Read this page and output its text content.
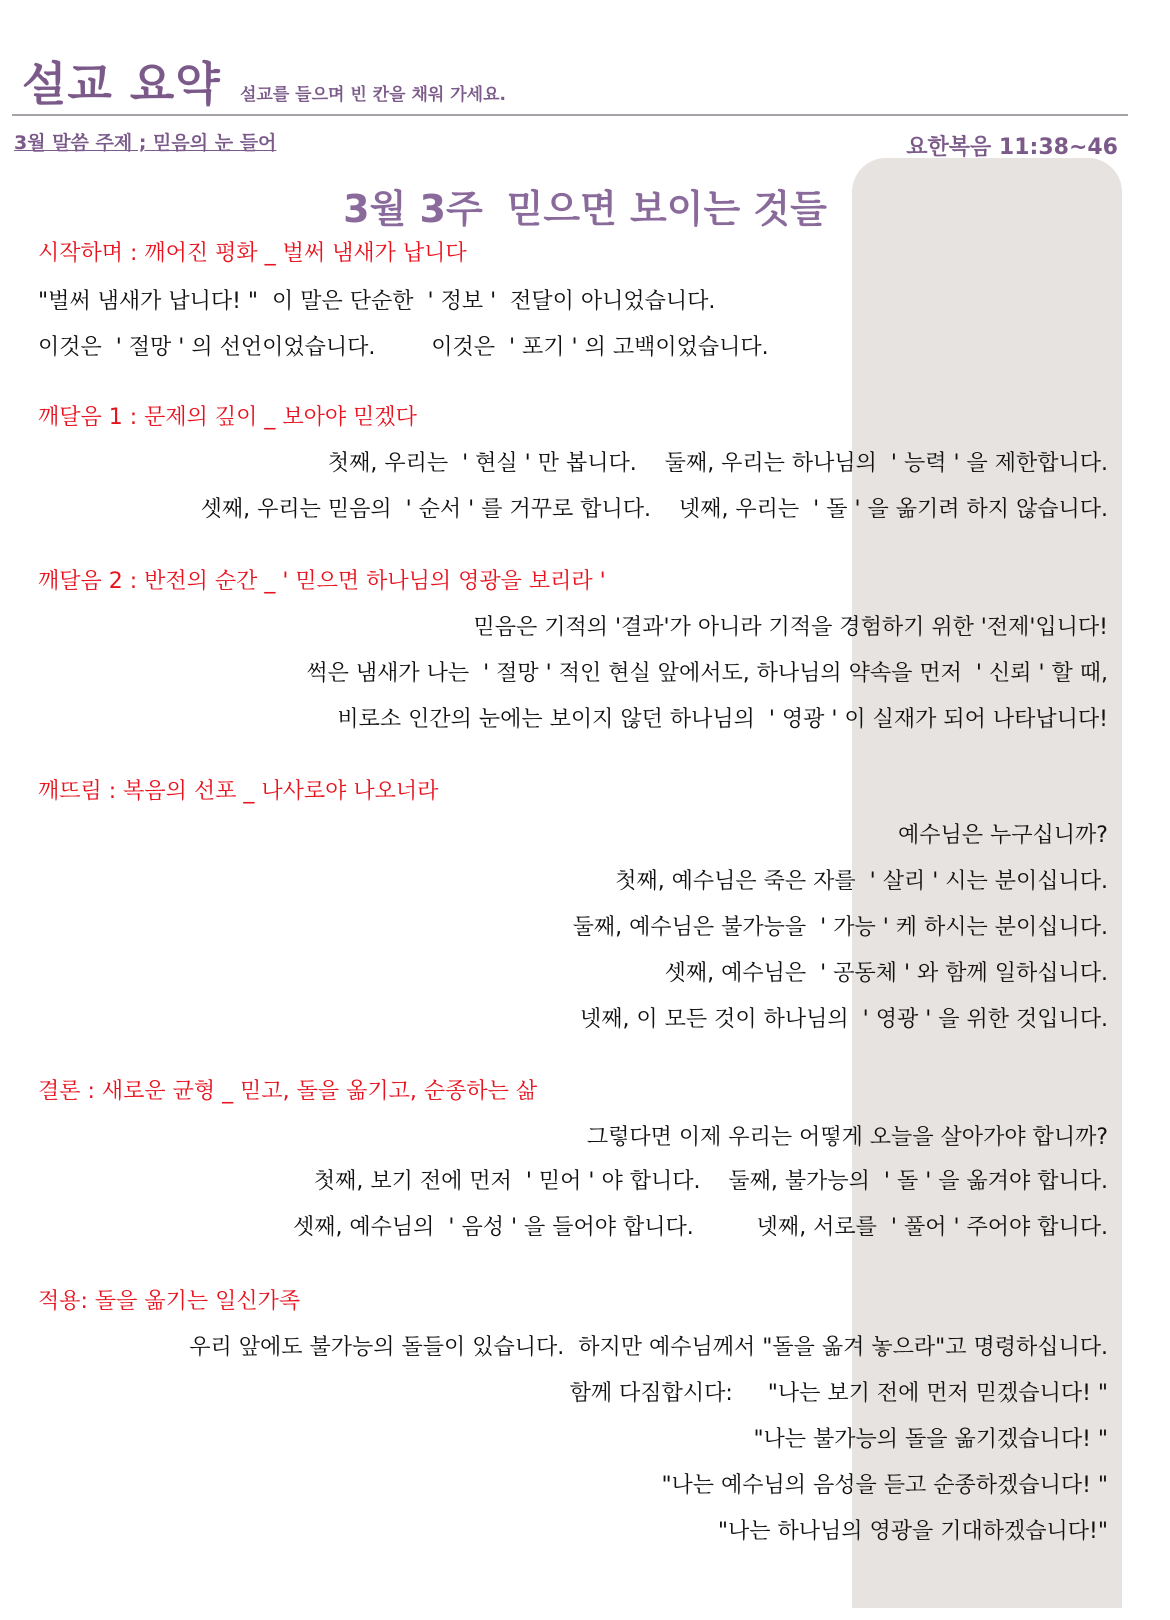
설교 요약 설교를 들으며 빈 칸을 채워 가세요.
3월 말씀 주제 ; 믿음의 눈 들어	요한복음 11:38~46
3월 3주 믿으면 보이는 것들
시작하며 : 깨어진 평화 _ 벌써 냄새가 납니다
"벌써 냄새가 납니다! "  이 말은 단순한  ' 정보 '  전달이 아니었습니다.
이것은  ' 절망 ' 의 선언이었습니다.        이것은  ' 포기 ' 의 고백이었습니다.
깨달음 1 : 문제의 깊이 _ 보아야 믿겠다
첫째, 우리는  ' 현실 ' 만 봅니다.    둘째, 우리는 하나님의  ' 능력 ' 을 제한합니다.
셋째, 우리는 믿음의  ' 순서 ' 를 거꾸로 합니다.    넷째, 우리는  ' 돌 ' 을 옮기려 하지 않습니다.
깨달음 2 : 반전의 순간 _ ' 믿으면 하나님의 영광을 보리라 '
믿음은 기적의 '결과'가 아니라 기적을 경험하기 위한 '전제'입니다!
썩은 냄새가 나는  ' 절망 ' 적인 현실 앞에서도, 하나님의 약속을 먼저  ' 신뢰 ' 할 때,
비로소 인간의 눈에는 보이지 않던 하나님의  ' 영광 ' 이 실재가 되어 나타납니다!
깨뜨림 : 복음의 선포 _ 나사로야 나오너라
예수님은 누구십니까?
첫째, 예수님은 죽은 자를  ' 살리 ' 시는 분이십니다.
둘째, 예수님은 불가능을  ' 가능 ' 케 하시는 분이십니다.
셋째, 예수님은  ' 공동체 ' 와 함께 일하십니다.
넷째, 이 모든 것이 하나님의  ' 영광 ' 을 위한 것입니다.
결론 : 새로운 균형 _ 믿고, 돌을 옮기고, 순종하는 삶
그렇다면 이제 우리는 어떻게 오늘을 살아가야 합니까?
첫째, 보기 전에 먼저  ' 믿어 ' 야 합니다.    둘째, 불가능의  ' 돌 ' 을 옮겨야 합니다.
셋째, 예수님의  ' 음성 ' 을 들어야 합니다.         넷째, 서로를  ' 풀어 ' 주어야 합니다.
적용: 돌을 옮기는 일신가족
우리 앞에도 불가능의 돌들이 있습니다.  하지만 예수님께서 "돌을 옮겨 놓으라"고 명령하십니다.
함께 다짐합시다:     "나는 보기 전에 먼저 믿겠습니다! "
"나는 불가능의 돌을 옮기겠습니다! "
"나는 예수님의 음성을 듣고 순종하겠습니다! "
"나는 하나님의 영광을 기대하겠습니다!"
